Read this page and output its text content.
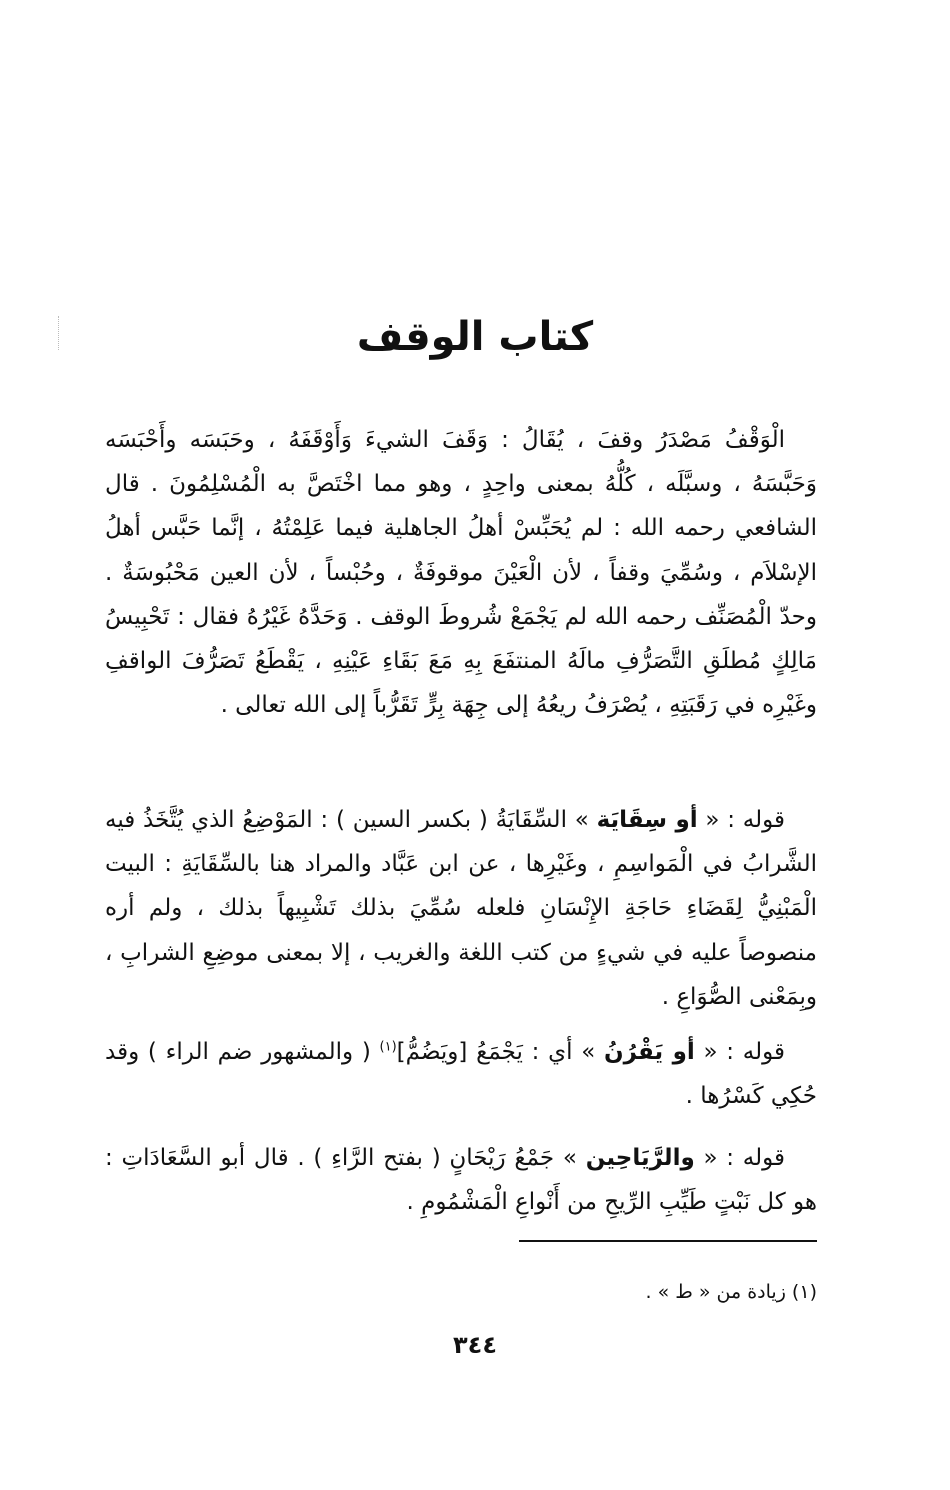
كتاب الوقف

الْوَقْفُ مَصْدَرُ وقفَ ، يُقَالُ : وَقَفَ الشيءَ وَأَوْقَفَهُ ، وحَبَسَه وأَحْبَسَه وَحَبَّسَهُ ، وسبَّلَه ، كُلُّهُ بمعنى واحِدٍ ، وهو مما اخْتَصَّ به الْمُسْلِمُونَ . قال الشافعي رحمه الله : لم يُحَبِّسْ أهلُ الجاهلية فيما عَلِمْتُهُ ، إنَّما حَبَّس أهلُ الإسْلاَم ، وسُمِّيَ وقفاً ، لأن الْعَيْنَ موقوفَةٌ ، وحُبْساً ، لأن العين مَحْبُوسَةٌ . وحدّ الْمُصَنِّف رحمه الله لم يَجْمَعْ شُروطَ الوقف . وَحَدَّهُ غَيْرُهُ فقال : تَحْبِيسُ مَالِكٍ مُطلَقِ التَّصَرُّفِ مالَهُ المنتفَعَ بِهِ مَعَ بَقَاءِ عَيْنِهِ ، يَقْطَعُ تَصَرُّفَ الواقفِ وغَيْرِه في رَقَبَتِهِ ، يُصْرَفُ ريعُهُ إلى جِهَة بِرٍّ تَقَرُّباً إلى الله تعالى .

قوله : « أو سِقَايَة » السِّقَايَةُ ( بكسر السين ) : المَوْضِعُ الذي يُتَّخَذُ فيه الشَّرابُ في الْمَواسِمِ ، وغَيْرِها ، عن ابن عَبَّاد والمراد هنا بالسِّقَايَةِ : البيت الْمَبْنِيُّ لِقَضَاءِ حَاجَةِ الإِنْسَانِ فلعله سُمِّيَ بذلك تَشْبِيهاً بذلك ، ولم أره منصوصاً عليه في شيءٍ من كتب اللغة والغريب ، إلا بمعنى موضِعِ الشرابِ ، وبِمَعْنى الصُّوَاعِ .

قوله : « أو يَقْرُنُ » أي : يَجْمَعُ [ويَضُمُّ]$^{(١)}$ ( والمشهور ضم الراء ) وقد حُكِي كَسْرُها .

قوله : « والرَّيَاحِين » جَمْعُ رَيْحَانٍ ( بفتح الرَّاءِ ) . قال أبو السَّعَادَاتِ : هو كل نَبْتٍ طَيِّبِ الرِّيحِ من أَنْواعِ الْمَشْمُومِ .

(١) زيادة من « ط » .
٣٤٤
